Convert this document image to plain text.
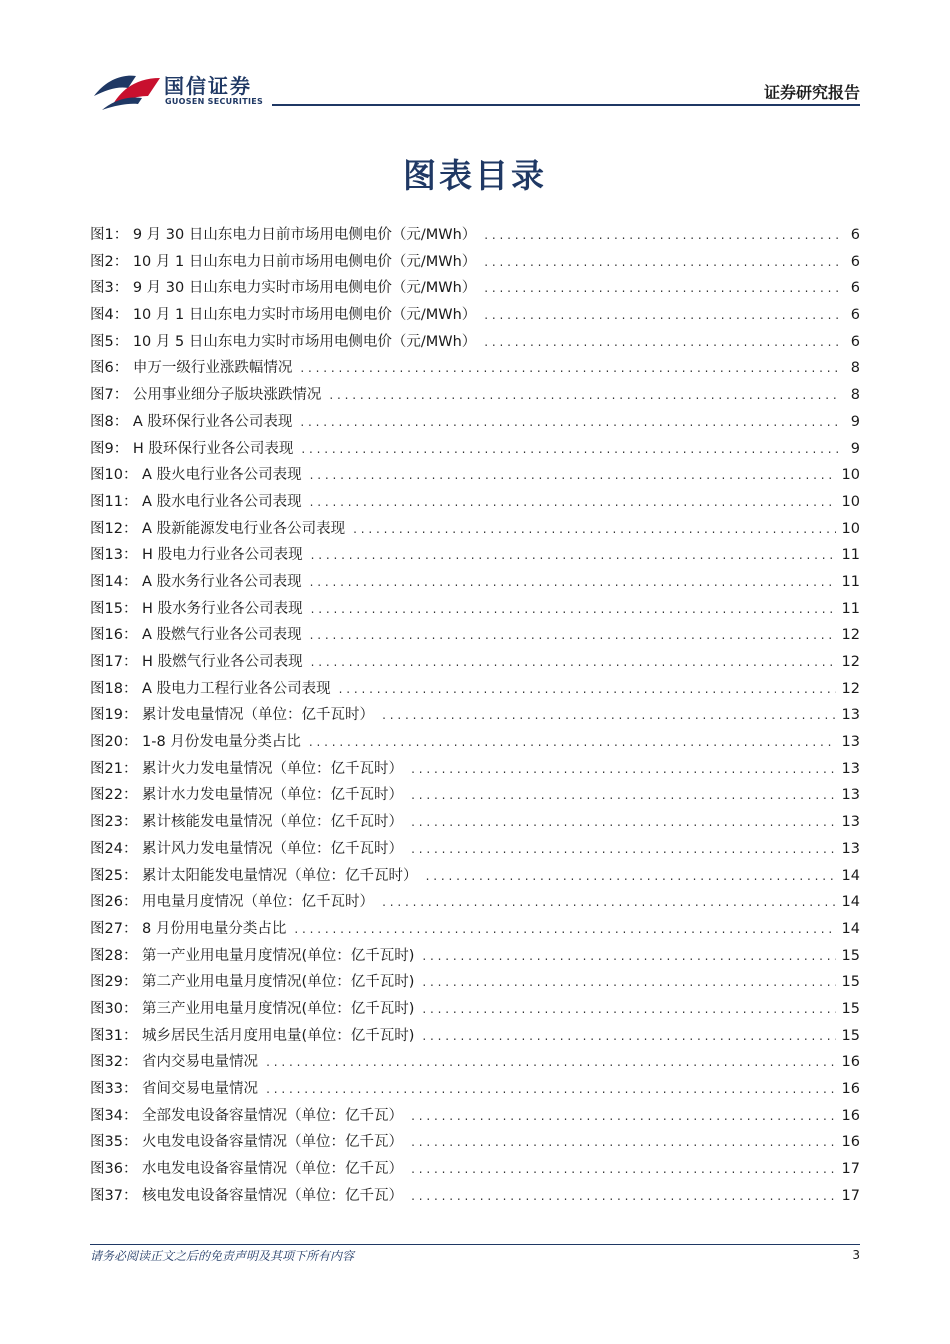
国信证券
GUOSEN SECURITIES	证券研究报告
图表目录
图1： 9 月 30 日山东电力日前市场用电侧电价（元/MWh） . . .	6
图2： 10 月 1 日山东电力日前市场用电侧电价（元/MWh） . . .	6
图3： 9 月 30 日山东电力实时市场用电侧电价（元/MWh） . . .	6
图4： 10 月 1 日山东电力实时市场用电侧电价（元/MWh） . . .	6
图5： 10 月 5 日山东电力实时市场用电侧电价（元/MWh） . . .	6
图6： 申万一级行业涨跌幅情况 . . .	8
图7： 公用事业细分子版块涨跌情况 . . .	8
图8： A 股环保行业各公司表现 . . .	9
图9： H 股环保行业各公司表现 . . .	9
图10： A 股火电行业各公司表现 . . .	10
图11： A 股水电行业各公司表现 . . .	10
图12： A 股新能源发电行业各公司表现 . . .	10
图13： H 股电力行业各公司表现 . . .	11
图14： A 股水务行业各公司表现 . . .	11
图15： H 股水务行业各公司表现 . . .	11
图16： A 股燃气行业各公司表现 . . .	12
图17： H 股燃气行业各公司表现 . . .	12
图18： A 股电力工程行业各公司表现 . . .	12
图19： 累计发电量情况（单位：亿千瓦时） . . .	13
图20： 1-8 月份发电量分类占比 . . .	13
图21： 累计火力发电量情况（单位：亿千瓦时） . . .	13
图22： 累计水力发电量情况（单位：亿千瓦时） . . .	13
图23： 累计核能发电量情况（单位：亿千瓦时） . . .	13
图24： 累计风力发电量情况（单位：亿千瓦时） . . .	13
图25： 累计太阳能发电量情况（单位：亿千瓦时） . . .	14
图26： 用电量月度情况（单位：亿千瓦时） . . .	14
图27： 8 月份用电量分类占比 . . .	14
图28： 第一产业用电量月度情况(单位：亿千瓦时) . . .	15
图29： 第二产业用电量月度情况(单位：亿千瓦时) . . .	15
图30： 第三产业用电量月度情况(单位：亿千瓦时) . . .	15
图31： 城乡居民生活月度用电量(单位：亿千瓦时) . . .	15
图32： 省内交易电量情况 . . .	16
图33： 省间交易电量情况 . . .	16
图34： 全部发电设备容量情况（单位：亿千瓦） . . .	16
图35： 火电发电设备容量情况（单位：亿千瓦） . . .	16
图36： 水电发电设备容量情况（单位：亿千瓦） . . .	17
图37： 核电发电设备容量情况（单位：亿千瓦） . . .	17
请务必阅读正文之后的免责声明及其项下所有内容	3
